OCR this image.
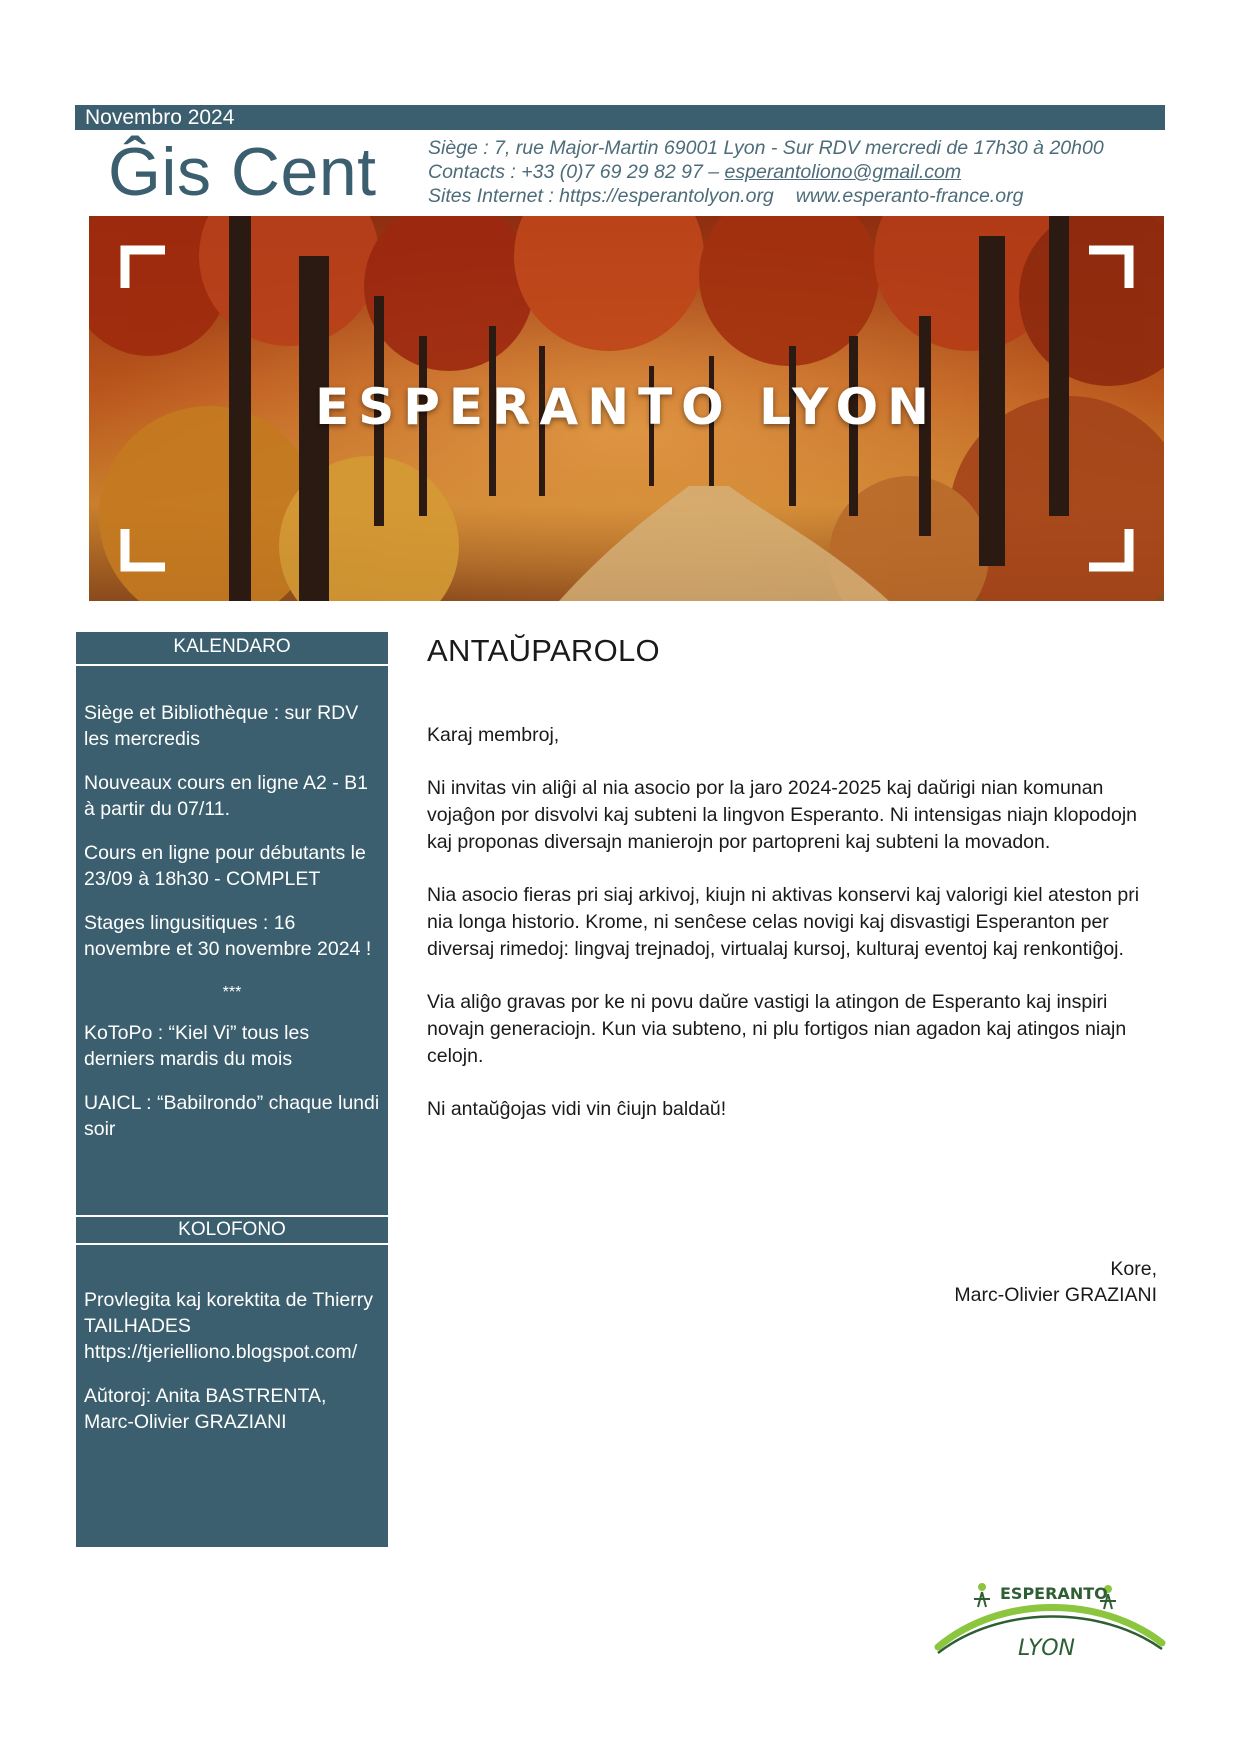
Novembro 2024
Ĝis Cent	Siège : 7, rue Major-Martin 69001 Lyon - Sur RDV mercredi de 17h30 à 20h00
Contacts : +33 (0)7 69 29 82 97 – esperantoliono@gmail.com
Sites Internet : https://esperantolyon.org www.esperanto-france.org
ESPERANTO LYON
KALENDARO

Siège et Bibliothèque : sur RDV les mercredis

Nouveaux cours en ligne A2 - B1 à partir du 07/11.

Cours en ligne pour débutants le 23/09 à 18h30 - COMPLET

Stages lingusitiques : 16 novembre et 30 novembre 2024 !

***

KoToPo : “Kiel Vi” tous les derniers mardis du mois

UAICL : “Babilrondo” chaque lundi soir

KOLOFONO

Provlegita kaj korektita de Thierry TAILHADES https://tjerielliono.blogspot.com/

Aŭtoroj: Anita BASTRENTA, Marc-Olivier GRAZIANI

ANTAŬPAROLO

Karaj membroj,

Ni invitas vin aliĝi al nia asocio por la jaro 2024-2025 kaj daŭrigi nian komunan vojaĝon por disvolvi kaj subteni la lingvon Esperanto. Ni intensigas niajn klopodojn kaj proponas diversajn manierojn por partopreni kaj subteni la movadon.

Nia asocio fieras pri siaj arkivoj, kiujn ni aktivas konservi kaj valorigi kiel ateston pri nia longa historio. Krome, ni senĉese celas novigi kaj disvastigi Esperanton per diversaj rimedoj: lingvaj trejnadoj, virtualaj kursoj, kulturaj eventoj kaj renkontiĝoj.

Via aliĝo gravas por ke ni povu daŭre vastigi la atingon de Esperanto kaj inspiri novajn generaciojn. Kun via subteno, ni plu fortigos nian agadon kaj atingos niajn celojn.

Ni antaŭĝojas vidi vin ĉiujn baldaŭ!

Kore,
Marc-Olivier GRAZIANI
ESPERANTO
LYON
